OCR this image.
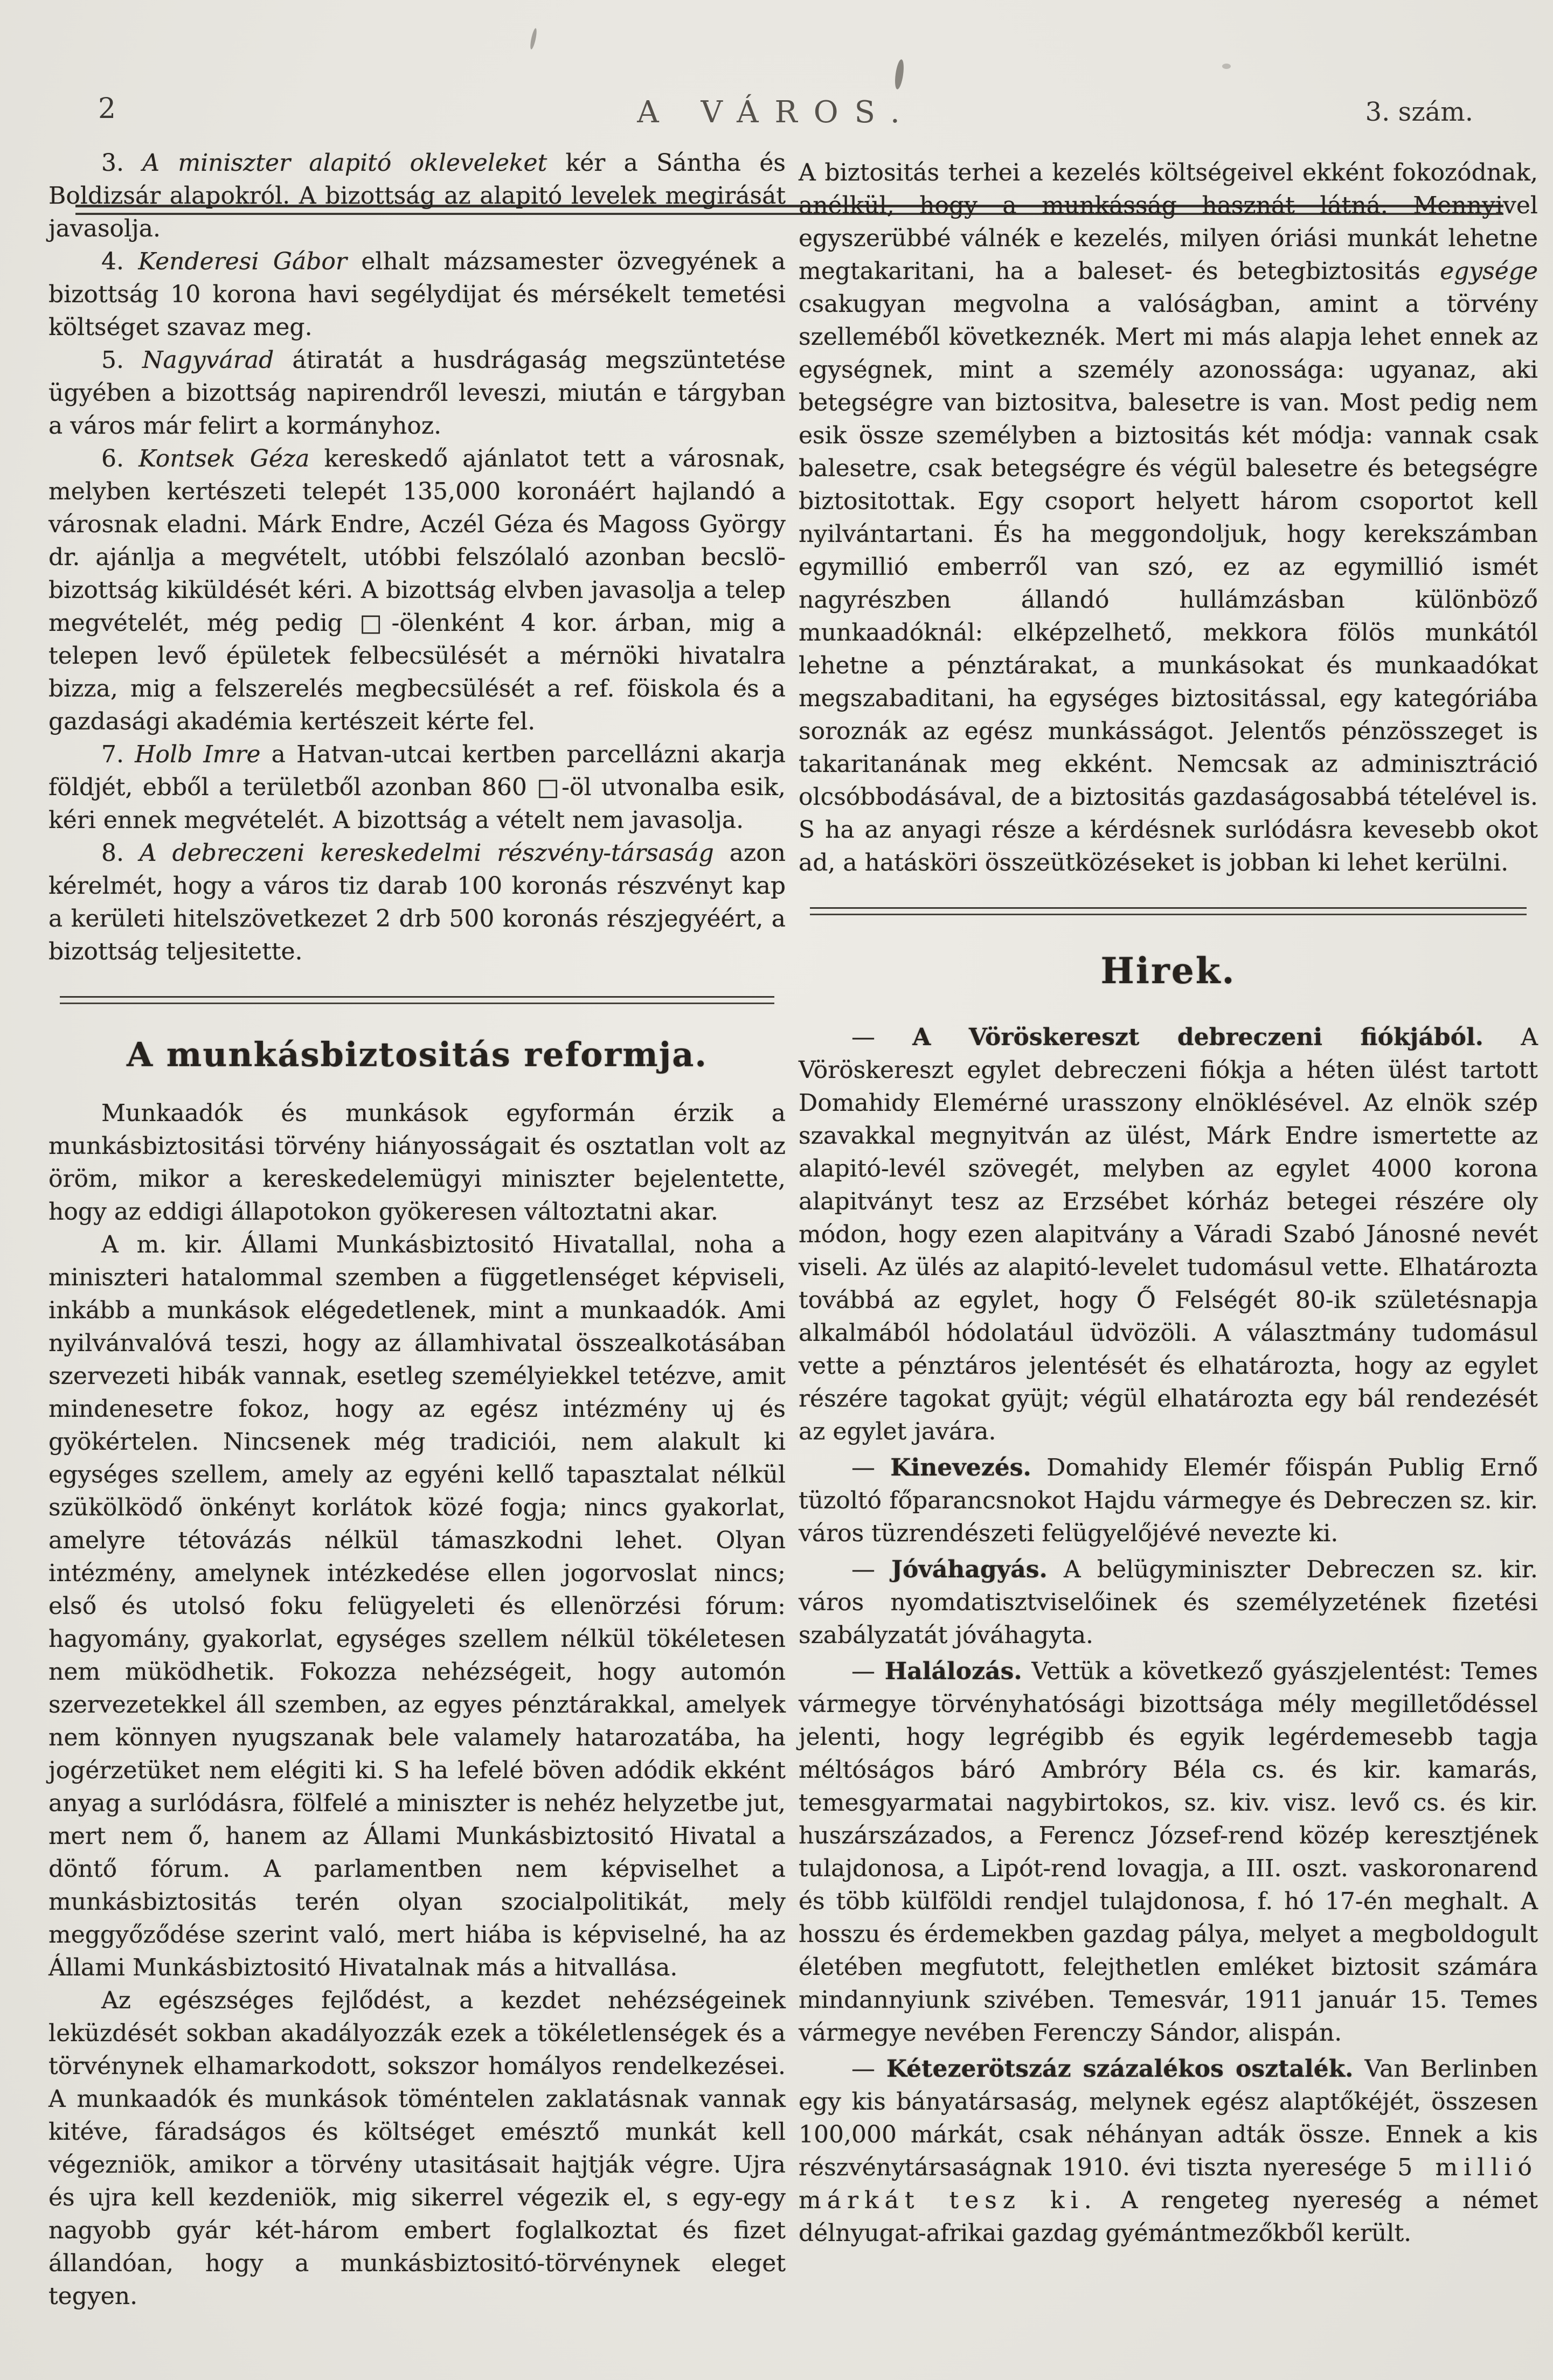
2	A VÁROS.	3. szám.

3. A miniszter alapitó okleveleket kér a Sántha és Boldizsár alapokról. A bizottság az alapitó levelek megirását javasolja.

4. Kenderesi Gábor elhalt mázsamester özvegyének a bizottság 10 korona havi segélydijat és mérsékelt temetési költséget szavaz meg.

5. Nagyvárad átiratát a husdrágaság megszüntetése ügyében a bizottság napirendről leveszi, miután e tárgyban a város már felirt a kormányhoz.

6. Kontsek Géza kereskedő ajánlatot tett a városnak, melyben kertészeti telepét 135,000 koronáért hajlandó a városnak eladni. Márk Endre, Aczél Géza és Magoss György dr. ajánlja a megvételt, utóbbi felszólaló azonban becslö-bizottság kiküldését kéri. A bizottság elvben javasolja a telep megvételét, még pedig □-ölenként 4 kor. árban, mig a telepen levő épületek felbecsülését a mérnöki hivatalra bizza, mig a felszerelés megbecsülését a ref. föiskola és a gazdasági akadémia kertészeit kérte fel.

7. Holb Imre a Hatvan-utcai kertben parcellázni akarja földjét, ebből a területből azonban 860 □-öl utvonalba esik, kéri ennek megvételét. A bizottság a vételt nem javasolja.

8. A debreczeni kereskedelmi részvény-társaság azon kérelmét, hogy a város tiz darab 100 koronás részvényt kap a kerületi hitelszövetkezet 2 drb 500 koronás részjegyéért, a bizottság teljesitette.

A munkásbiztositás reformja.

Munkaadók és munkások egyformán érzik a munkásbiztositási törvény hiányosságait és osztatlan volt az öröm, mikor a kereskedelemügyi miniszter bejelentette, hogy az eddigi állapotokon gyökeresen változtatni akar.

A m. kir. Állami Munkásbiztositó Hivatallal, noha a miniszteri hatalommal szemben a függetlenséget képviseli, inkább a munkások elégedetlenek, mint a munkaadók. Ami nyilvánvalóvá teszi, hogy az államhivatal összealkotásában szervezeti hibák vannak, esetleg személyiekkel tetézve, amit mindenesetre fokoz, hogy az egész intézmény uj és gyökértelen. Nincsenek még tradiciói, nem alakult ki egységes szellem, amely az egyéni kellő tapasztalat nélkül szükölködő önkényt korlátok közé fogja; nincs gyakorlat, amelyre tétovázás nélkül támaszkodni lehet. Olyan intézmény, amelynek intézkedése ellen jogorvoslat nincs; első és utolsó foku felügyeleti és ellenörzési fórum: hagyomány, gyakorlat, egységes szellem nélkül tökéletesen nem müködhetik. Fokozza nehézségeit, hogy automón szervezetekkel áll szemben, az egyes pénztárakkal, amelyek nem könnyen nyugszanak bele valamely hatarozatába, ha jogérzetüket nem elégiti ki. S ha lefelé böven adódik ekként anyag a surlódásra, fölfelé a miniszter is nehéz helyzetbe jut, mert nem ő, hanem az Állami Munkásbiztositó Hivatal a döntő fórum. A parlamentben nem képviselhet a munkásbiztositás terén olyan szocialpolitikát, mely meggyőződése szerint való, mert hiába is képviselné, ha az Állami Munkásbiztositó Hivatalnak más a hitvallása.

Az egészséges fejlődést, a kezdet nehézségeinek leküzdését sokban akadályozzák ezek a tökéletlenségek és a törvénynek elhamarkodott, sokszor homályos rendelkezései. A munkaadók és munkások töméntelen zaklatásnak vannak kitéve, fáradságos és költséget emésztő munkát kell végezniök, amikor a törvény utasitásait hajtják végre. Ujra és ujra kell kezdeniök, mig sikerrel végezik el, s egy-egy nagyobb gyár két-három embert foglalkoztat és fizet állandóan, hogy a munkásbiztositó-törvénynek eleget tegyen.

A biztositás terhei a kezelés költségeivel ekként fokozódnak, anélkül, hogy a munkásság hasznát látná. Mennyivel egyszerübbé válnék e kezelés, milyen óriási munkát lehetne megtakaritani, ha a baleset- és betegbiztositás egysége csakugyan megvolna a valóságban, amint a törvény szelleméből következnék. Mert mi más alapja lehet ennek az egységnek, mint a személy azonossága: ugyanaz, aki betegségre van biztositva, balesetre is van. Most pedig nem esik össze személyben a biztositás két módja: vannak csak balesetre, csak betegségre és végül balesetre és betegségre biztositottak. Egy csoport helyett három csoportot kell nyilvántartani. És ha meggondoljuk, hogy kerekszámban egymillió emberről van szó, ez az egymillió ismét nagyrészben állandó hullámzásban különböző munkaadóknál: elképzelhető, mekkora fölös munkától lehetne a pénztárakat, a munkásokat és munkaadókat megszabaditani, ha egységes biztositással, egy kategóriába soroznák az egész munkásságot. Jelentős pénzösszeget is takaritanának meg ekként. Nemcsak az adminisztráció olcsóbbodásával, de a biztositás gazdaságosabbá tételével is. S ha az anyagi része a kérdésnek surlódásra kevesebb okot ad, a hatásköri összeütközéseket is jobban ki lehet kerülni.

Hirek.

— A Vöröskereszt debreczeni fiókjából. A Vöröskereszt egylet debreczeni fiókja a héten ülést tartott Domahidy Elemérné urasszony elnöklésével. Az elnök szép szavakkal megnyitván az ülést, Márk Endre ismertette az alapitó-levél szövegét, melyben az egylet 4000 korona alapitványt tesz az Erzsébet kórház betegei részére oly módon, hogy ezen alapitvány a Váradi Szabó Jánosné nevét viseli. Az ülés az alapitó-levelet tudomásul vette. Elhatározta továbbá az egylet, hogy Ő Felségét 80-ik születésnapja alkalmából hódolatául üdvözöli. A választmány tudomásul vette a pénztáros jelentését és elhatározta, hogy az egylet részére tagokat gyüjt; végül elhatározta egy bál rendezését az egylet javára.

— Kinevezés. Domahidy Elemér főispán Publig Ernő tüzoltó főparancsnokot Hajdu vármegye és Debreczen sz. kir. város tüzrendészeti felügyelőjévé nevezte ki.

— Jóváhagyás. A belügyminiszter Debreczen sz. kir. város nyomdatisztviselőinek és személyzetének fizetési szabályzatát jóváhagyta.

— Halálozás. Vettük a következő gyászjelentést: Temes vármegye törvényhatósági bizottsága mély megilletődéssel jelenti, hogy legrégibb és egyik legérdemesebb tagja méltóságos báró Ambróry Béla cs. és kir. kamarás, temesgyarmatai nagybirtokos, sz. kiv. visz. levő cs. és kir. huszárszázados, a Ferencz József-rend közép keresztjének tulajdonosa, a Lipót-rend lovagja, a III. oszt. vaskoronarend és több külföldi rendjel tulajdonosa, f. hó 17-én meghalt. A hosszu és érdemekben gazdag pálya, melyet a megboldogult életében megfutott, felejthetlen emléket biztosit számára mindannyiunk szivében. Temesvár, 1911 január 15. Temes vármegye nevében Ferenczy Sándor, alispán.

— Kétezerötszáz százalékos osztalék. Van Berlinben egy kis bányatársaság, melynek egész alaptőkéjét, összesen 100,000 márkát, csak néhányan adták össze. Ennek a kis részvénytársaságnak 1910. évi tiszta nyeresége 5 millió márkát tesz ki. A rengeteg nyereség a német délnyugat-afrikai gazdag gyémántmezőkből került.
